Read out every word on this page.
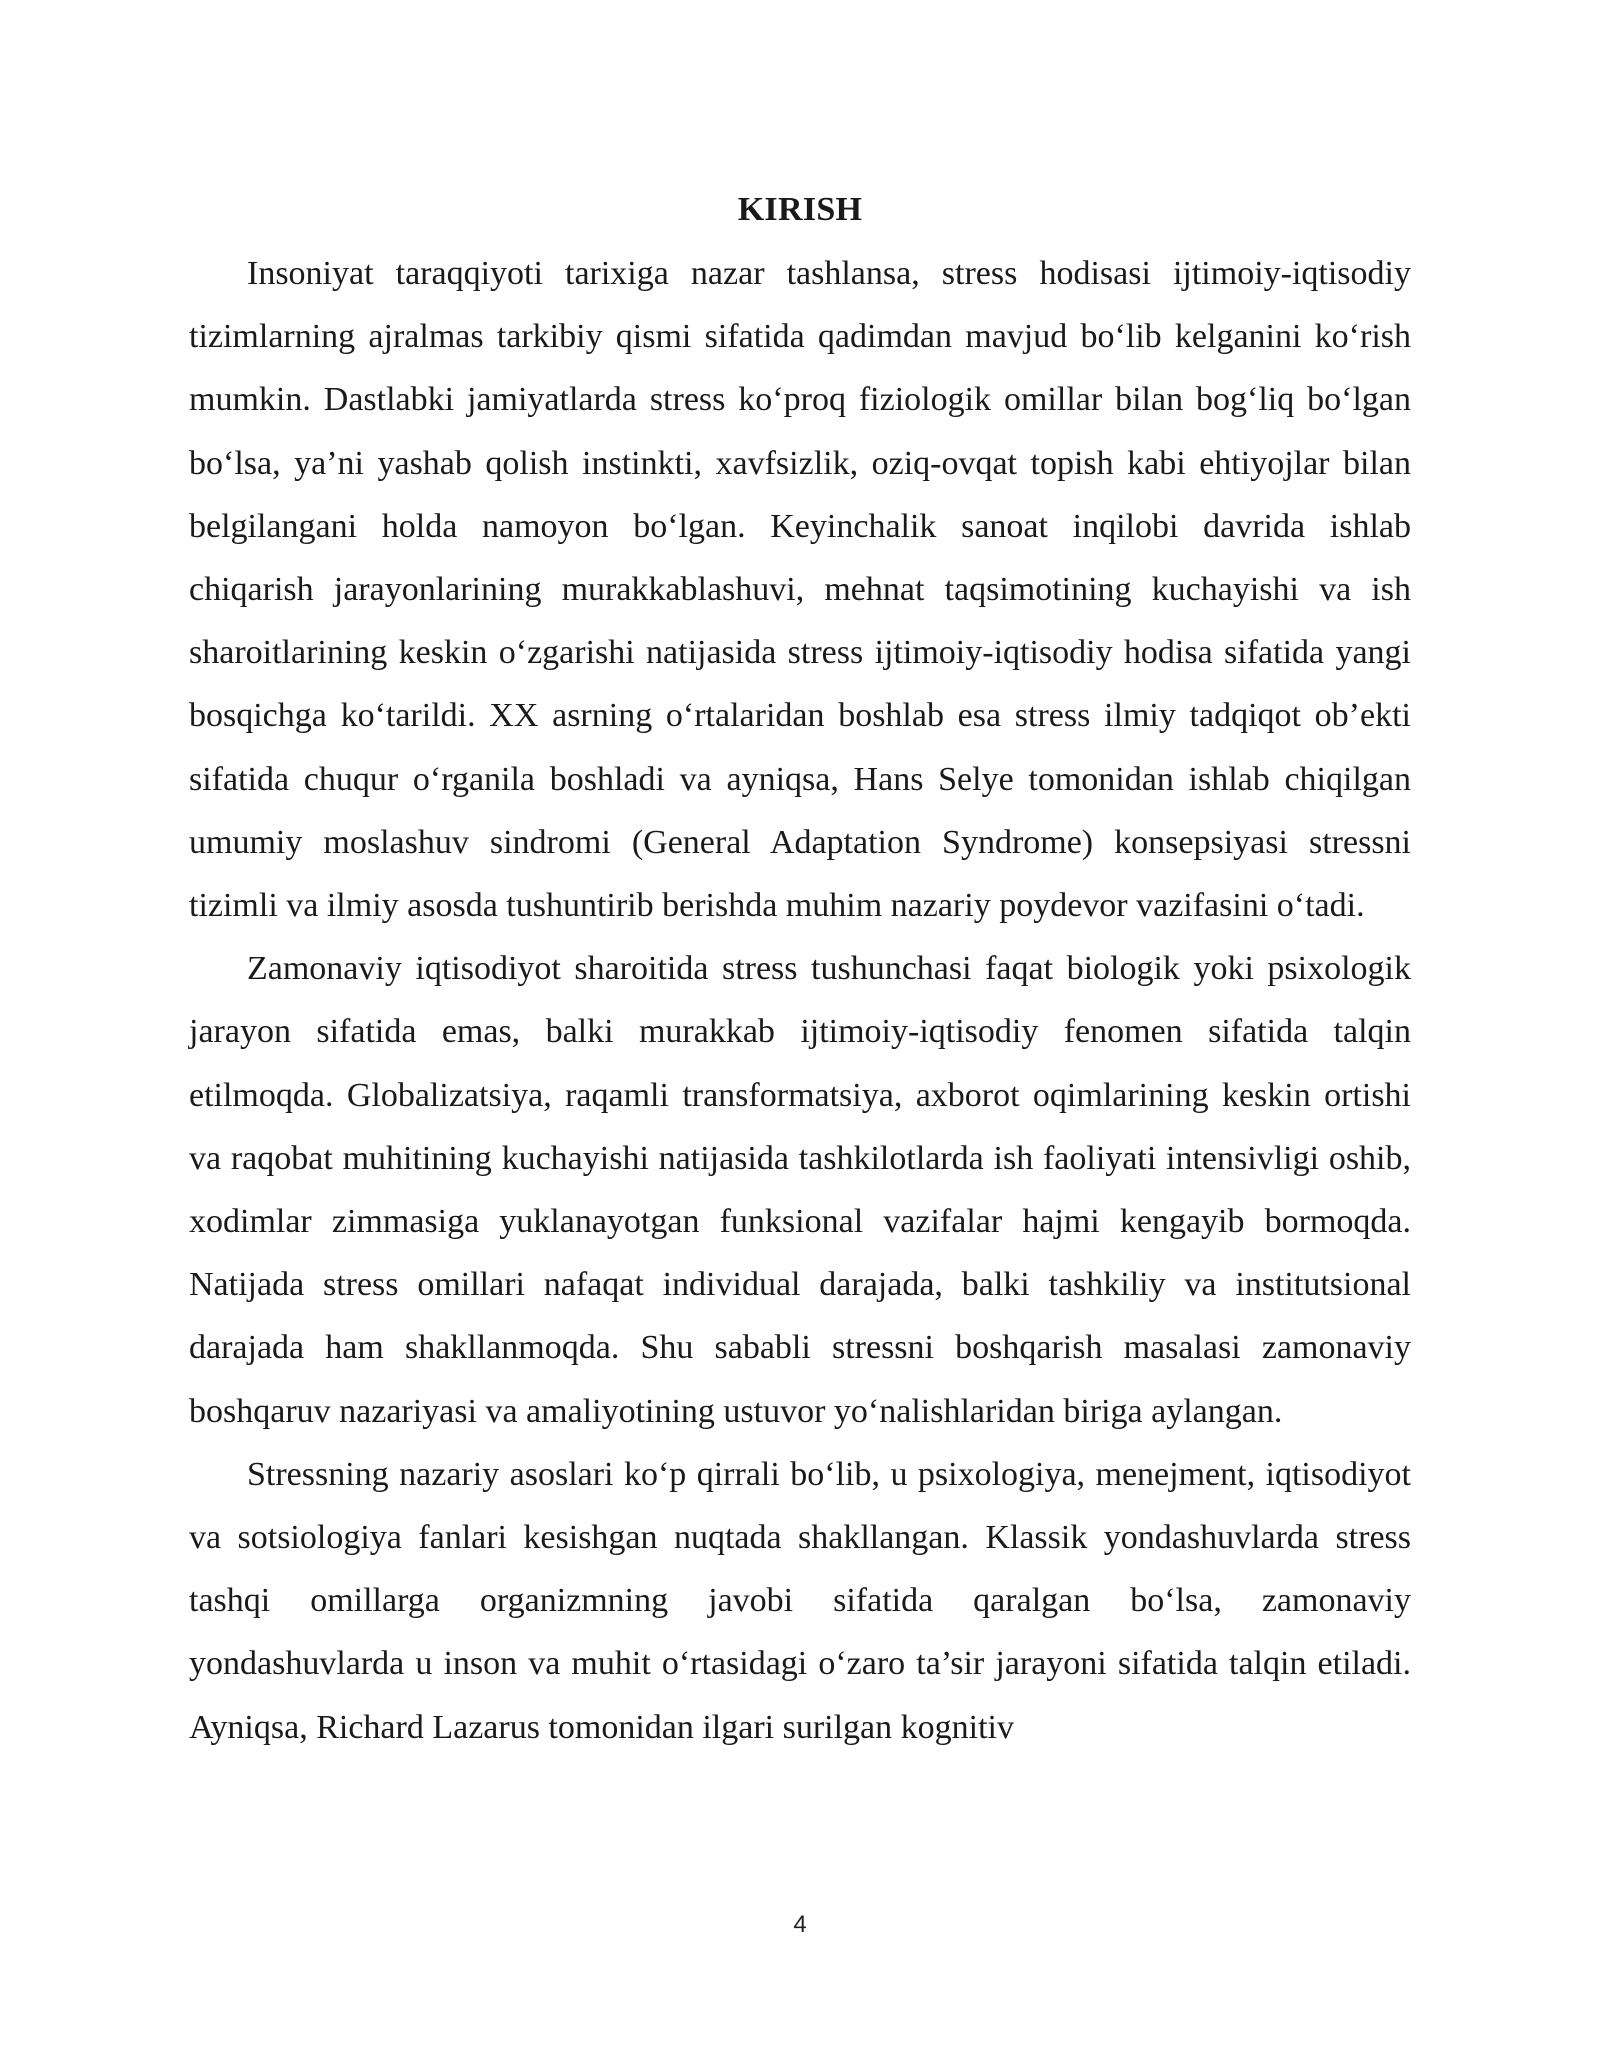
KIRISH

Insoniyat taraqqiyoti tarixiga nazar tashlansa, stress hodisasi ijtimoiy-iqtisodiy tizimlarning ajralmas tarkibiy qismi sifatida qadimdan mavjud bo‘lib kelganini ko‘rish mumkin. Dastlabki jamiyatlarda stress ko‘proq fiziologik omillar bilan bog‘liq bo‘lgan bo‘lsa, ya’ni yashab qolish instinkti, xavfsizlik, oziq-ovqat topish kabi ehtiyojlar bilan belgilangani holda namoyon bo‘lgan. Keyinchalik sanoat inqilobi davrida ishlab chiqarish jarayonlarining murakkablashuvi, mehnat taqsimotining kuchayishi va ish sharoitlarining keskin o‘zgarishi natijasida stress ijtimoiy-iqtisodiy hodisa sifatida yangi bosqichga ko‘tarildi. XX asrning o‘rtalaridan boshlab esa stress ilmiy tadqiqot ob’ekti sifatida chuqur o‘rganila boshladi va ayniqsa, Hans Selye tomonidan ishlab chiqilgan umumiy moslashuv sindromi (General Adaptation Syndrome) konsepsiyasi stressni tizimli va ilmiy asosda tushuntirib berishda muhim nazariy poydevor vazifasini o‘tadi.

Zamonaviy iqtisodiyot sharoitida stress tushunchasi faqat biologik yoki psixologik jarayon sifatida emas, balki murakkab ijtimoiy-iqtisodiy fenomen sifatida talqin etilmoqda. Globalizatsiya, raqamli transformatsiya, axborot oqimlarining keskin ortishi va raqobat muhitining kuchayishi natijasida tashkilotlarda ish faoliyati intensivligi oshib, xodimlar zimmasiga yuklanayotgan funksional vazifalar hajmi kengayib bormoqda. Natijada stress omillari nafaqat individual darajada, balki tashkiliy va institutsional darajada ham shakllanmoqda. Shu sababli stressni boshqarish masalasi zamonaviy boshqaruv nazariyasi va amaliyotining ustuvor yo‘nalishlaridan biriga aylangan.

Stressning nazariy asoslari ko‘p qirrali bo‘lib, u psixologiya, menejment, iqtisodiyot va sotsiologiya fanlari kesishgan nuqtada shakllangan. Klassik yondashuvlarda stress tashqi omillarga organizmning javobi sifatida qaralgan bo‘lsa, zamonaviy yondashuvlarda u inson va muhit o‘rtasidagi o‘zaro ta’sir jarayoni sifatida talqin etiladi. Ayniqsa, Richard Lazarus tomonidan ilgari surilgan kognitiv

4
